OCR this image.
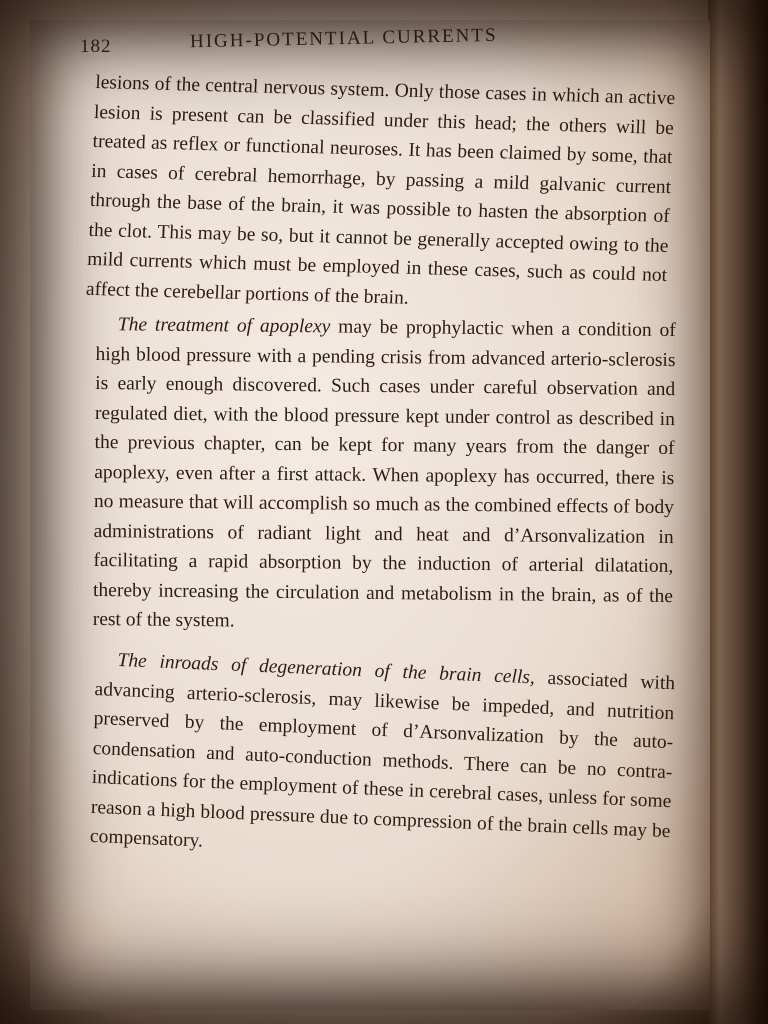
182	HIGH-POTENTIAL CURRENTS

lesions of the central nervous system. Only those cases in which an active lesion is present can be classified under this head; the others will be treated as reflex or functional neuroses. It has been claimed by some, that in cases of cerebral hemorrhage, by passing a mild galvanic current through the base of the brain, it was possible to hasten the absorption of the clot. This may be so, but it cannot be generally accepted owing to the mild currents which must be employed in these cases, such as could not affect the cerebellar portions of the brain.

The treatment of apoplexy may be prophylactic when a condition of high blood pressure with a pending crisis from advanced arterio-sclerosis is early enough discovered. Such cases under careful observation and regulated diet, with the blood pressure kept under control as described in the previous chapter, can be kept for many years from the danger of apoplexy, even after a first attack. When apoplexy has occurred, there is no measure that will accomplish so much as the combined effects of body administrations of radiant light and heat and d’Arsonvalization in facilitating a rapid absorption by the induction of arterial dilatation, thereby increasing the circulation and metabolism in the brain, as of the rest of the system.

The inroads of degeneration of the brain cells, associated with advancing arterio-sclerosis, may likewise be impeded, and nutrition preserved by the employment of d’Arsonvalization by the auto-condensation and auto-conduction methods. There can be no contra-indications for the employment of these in cerebral cases, unless for some reason a high blood pressure due to compression of the brain cells may be compensatory.
